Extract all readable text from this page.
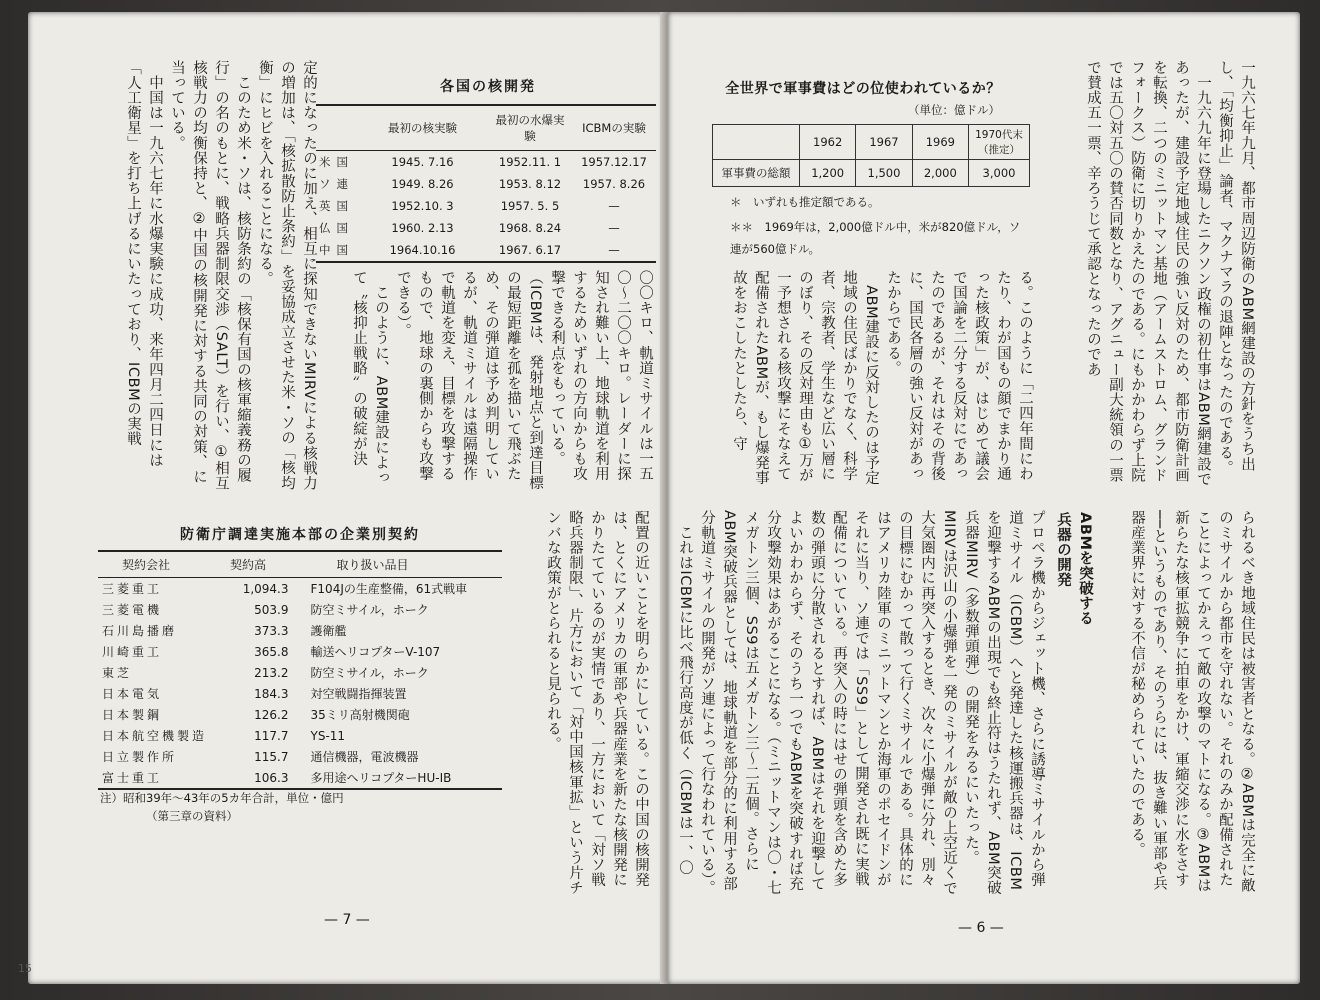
各国の核開発
	最初の核実験	最初の水爆実験	ICBMの実験
米国	1945. 7.16	1952.11. 1	1957.12.17
ソ連	1949. 8.26	1953. 8.12	1957. 8.26
英国	1952.10. 3	1957. 5. 5	—
仏国	1960. 2.13	1968. 8.24	—
中国	1964.10.16	1967. 6.17	—
〇〇キロ、軌道ミサイルは一五〇〜二〇〇キロ。レーダーに探知され難い上、地球軌道を利用するためいずれの方向からも攻撃できる利点をもっている。
（ICBMは、発射地点と到達目標の最短距離を孤を描いて飛ぶため、その弾道は予め判明しているが、軌道ミサイルは遠隔操作で軌道を変え、目標を攻撃するもので、地球の裏側からも攻撃できる）。
　このように、ABM建設によって〝核抑止戦略〟の破綻が決
定的になったのに加え、相互に探知できないMIRVによる核戦力の増加は、「核拡散防止条約」を妥協成立させた米・ソの「核均衡」にヒビを入れることになる。
　このため米・ソは、核防条約の「核保有国の核軍縮義務の履行」の名のもとに、戦略兵器制限交渉（SALT）を行い、①相互核戦力の均衡保持と、②中国の核開発に対する共同の対策、に当っている。
　中国は一九六七年に水爆実験に成功、来年四月二四日には「人工衛星」を打ち上げるにいたっており、ICBMの実戦
防衛庁調達実施本部の企業別契約
契約会社	契約高	取り扱い品目
三菱重工	1,094.3	F104Jの生産整備，61式戦車
三菱電機	503.9	防空ミサイル，ホーク
石川島播磨	373.3	護衛艦
川崎重工	365.8	輸送ヘリコプターV-107
東芝	213.2	防空ミサイル，ホーク
日本電気	184.3	対空戦闘指揮装置
日本製鋼	126.2	35ミリ高射機関砲
日本航空機製造	117.7	YS-11
日立製作所	115.7	通信機器，電波機器
富士重工	106.3	多用途ヘリコプターHU-IB
注）昭和39年～43年の5カ年合計，単位・億円
（第三章の資料）	配置の近いことを明らかにしている。この中国の核開発は、とくにアメリカの軍部や兵器産業を新たな核開発にかりたてているのが実情であり、一方において「対ソ戦略兵器制限」、片方において「対中国核軍拡」という片チンバな政策がとられると見られる。
— 7 —
15
全世界で軍事費はどの位使われているか？
（単位：億ドル）
	1962	1967	1969	1970代末（推定）
軍事費の総額	1,200	1,500	2,000	3,000
＊　いずれも推定額である。
＊＊　1969年は，2,000億ドル中，米が820億ドル，ソ連が560億ドル。	一九六七年九月、都市周辺防衛のABM網建設の方針をうち出し、「均衡抑止」論者、マクナマラの退陣となったのである。
　一九六九年に登場したニクソン政権の初仕事はABM網建設であったが、建設予定地域住民の強い反対のため、都市防衛計画を転換、二つのミニットマン基地（アームストロム、グランドフォークス）防衛に切りかえたのである。にもかかわらず上院では五〇対五〇の賛否同数となり、アグニュー副大統領の一票で賛成五一票、辛ろうじて承認となったのであ
る。このように「二四年間にわたり、わが国もの顔でまかり通った核政策」が、はじめて議会で国論を二分する反対にであったのであるが、それはその背後に、国民各層の強い反対があったからである。
　ABM建設に反対したのは予定地域の住民ばかりでなく、科学者、宗教者、学生など広い層にのぼり、その反対理由も①万が一予想される核攻撃にそなえて配備されたABMが、もし爆発事故をおこしたとしたら、守
られるべき地域住民は被害者となる。②ABMは完全に敵のミサイルから都市を守れない。それのみか配備されたことによってかえって敵の攻撃のマトになる。③ABMは新らたな核軍拡競争に拍車をかけ、軍縮交渉に水をさす──というものであり、そのうらには、抜き難い軍部や兵器産業界に対する不信が秘められていたのである。
ABMを突破する兵器の開発
プロペラ機からジェット機、さらに誘導ミサイルから弾道ミサイル（ICBM）へと発達した核運搬兵器は、ICBMを迎撃するABMの出現でも終止符はうたれず、ABM突破兵器MIRV（多数弾頭弾）の開発をみるにいたった。MIRVは沢山の小爆弾を一発のミサイルが敵の上空近くで大気圏内に再突入するとき、次々に小爆弾に分れ、別々の目標にむかって散って行くミサイルである。具体的にはアメリカ陸軍のミニットマンとか海軍のポセイドンがそれに当り、ソ連では「SS9」として開発され既に実戦配備についている。再突入の時にはせの弾頭を含めた多数の弾頭に分散されるとすれば、ABMはそれを迎撃してよいかわからず、そのうち一つでもABMを突破すれば充分攻撃効果はあがることになる。（ミニットマンは〇・七メガトン三個、SS9は五メガトン三〜二五個。さらにABM突破兵器としては、地球軌道を部分的に利用する部分軌道ミサイルの開発がソ連によって行なわれている）。
　これはICBMに比べ飛行高度が低く（ICBMは一、〇
— 6 —
